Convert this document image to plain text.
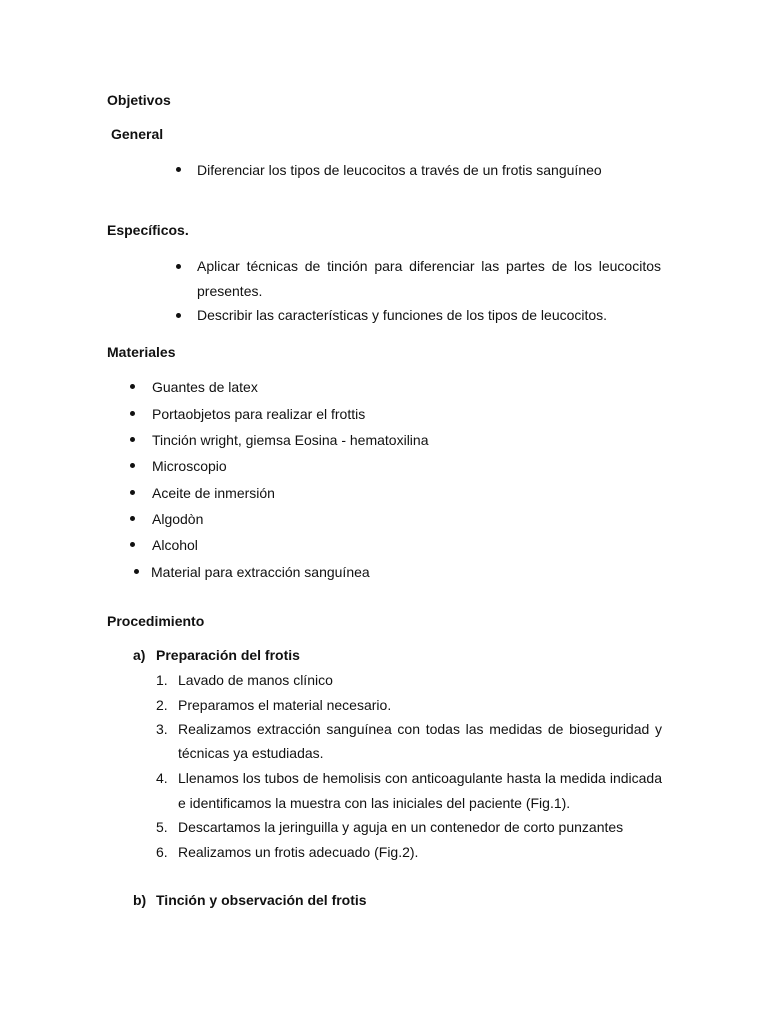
Objetivos
General
Diferenciar los tipos de leucocitos a través de un frotis sanguíneo
Específicos.
Aplicar técnicas de tinción para diferenciar las partes de los leucocitos
presentes.
Describir las características y funciones de los tipos de leucocitos.
Materiales
Guantes de latex
Portaobjetos para realizar el frottis
Tinción wright, giemsa Eosina - hematoxilina
Microscopio
Aceite de inmersión
Algodòn
Alcohol
Material para extracción sanguínea
Procedimiento
a) Preparación del frotis
1. Lavado de manos clínico
2. Preparamos el material necesario.
3. Realizamos extracción sanguínea con todas las medidas de bioseguridad y
técnicas ya estudiadas.
4. Llenamos los tubos de hemolisis con anticoagulante hasta la medida indicada
e identificamos la muestra con las iniciales del paciente (Fig.1).
5. Descartamos la jeringuilla y aguja en un contenedor de corto punzantes
6. Realizamos un frotis adecuado (Fig.2).
b) Tinción y observación del frotis
